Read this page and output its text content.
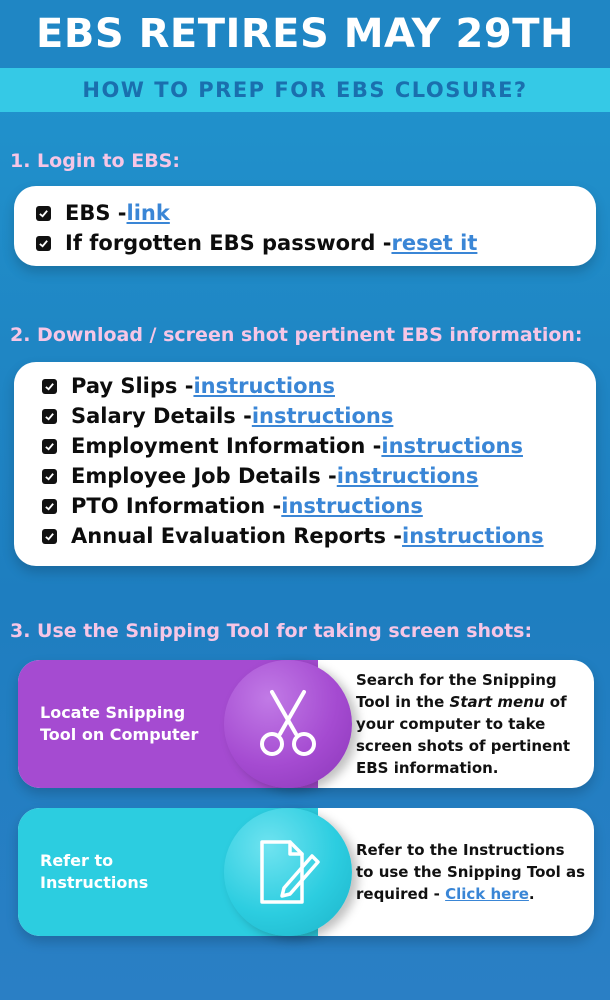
EBS RETIRES MAY 29TH
HOW TO PREP FOR EBS CLOSURE?
1. Login to EBS:
EBS - link
If forgotten EBS password - reset it
2. Download / screen shot pertinent EBS information:
Pay Slips - instructions
Salary Details - instructions
Employment Information - instructions
Employee Job Details - instructions
PTO Information - instructions
Annual Evaluation Reports - instructions
3. Use the Snipping Tool for taking screen shots:
Locate Snipping
Tool on Computer
Search for the Snipping Tool in the Start menu of your computer to take screen shots of pertinent EBS information.
Refer to
Instructions
Refer to the Instructions to use the Snipping Tool as required - Click here.
